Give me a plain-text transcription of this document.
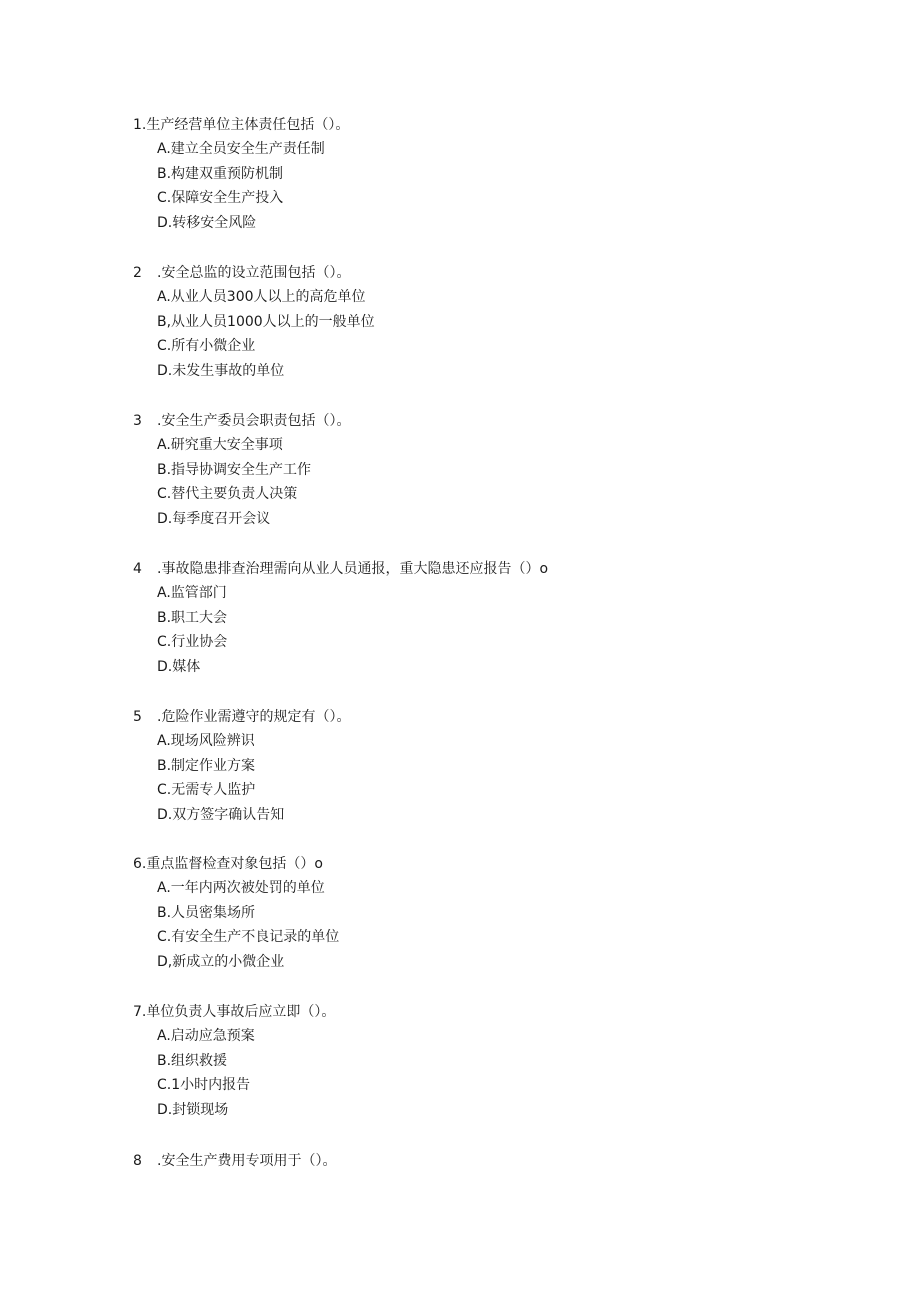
1.生产经营单位主体责任包括（）。
A.建立全员安全生产责任制
B.构建双重预防机制
C.保障安全生产投入
D.转移安全风险
2 .安全总监的设立范围包括（）。
A.从业人员300人以上的高危单位
B,从业人员1000人以上的一般单位
C.所有小微企业
D.未发生事故的单位
3 .安全生产委员会职责包括（）。
A.研究重大安全事项
B.指导协调安全生产工作
C.替代主要负责人决策
D.每季度召开会议
4 .事故隐患排查治理需向从业人员通报，重大隐患还应报告（）o
A.监管部门
B.职工大会
C.行业协会
D.媒体
5 .危险作业需遵守的规定有（）。
A.现场风险辨识
B.制定作业方案
C.无需专人监护
D.双方签字确认告知
6.重点监督检查对象包括（）o
A.一年内两次被处罚的单位
B.人员密集场所
C.有安全生产不良记录的单位
D,新成立的小微企业
7.单位负责人事故后应立即（）。
A.启动应急预案
B.组织救援
C.1小时内报告
D.封锁现场
8 .安全生产费用专项用于（）。
